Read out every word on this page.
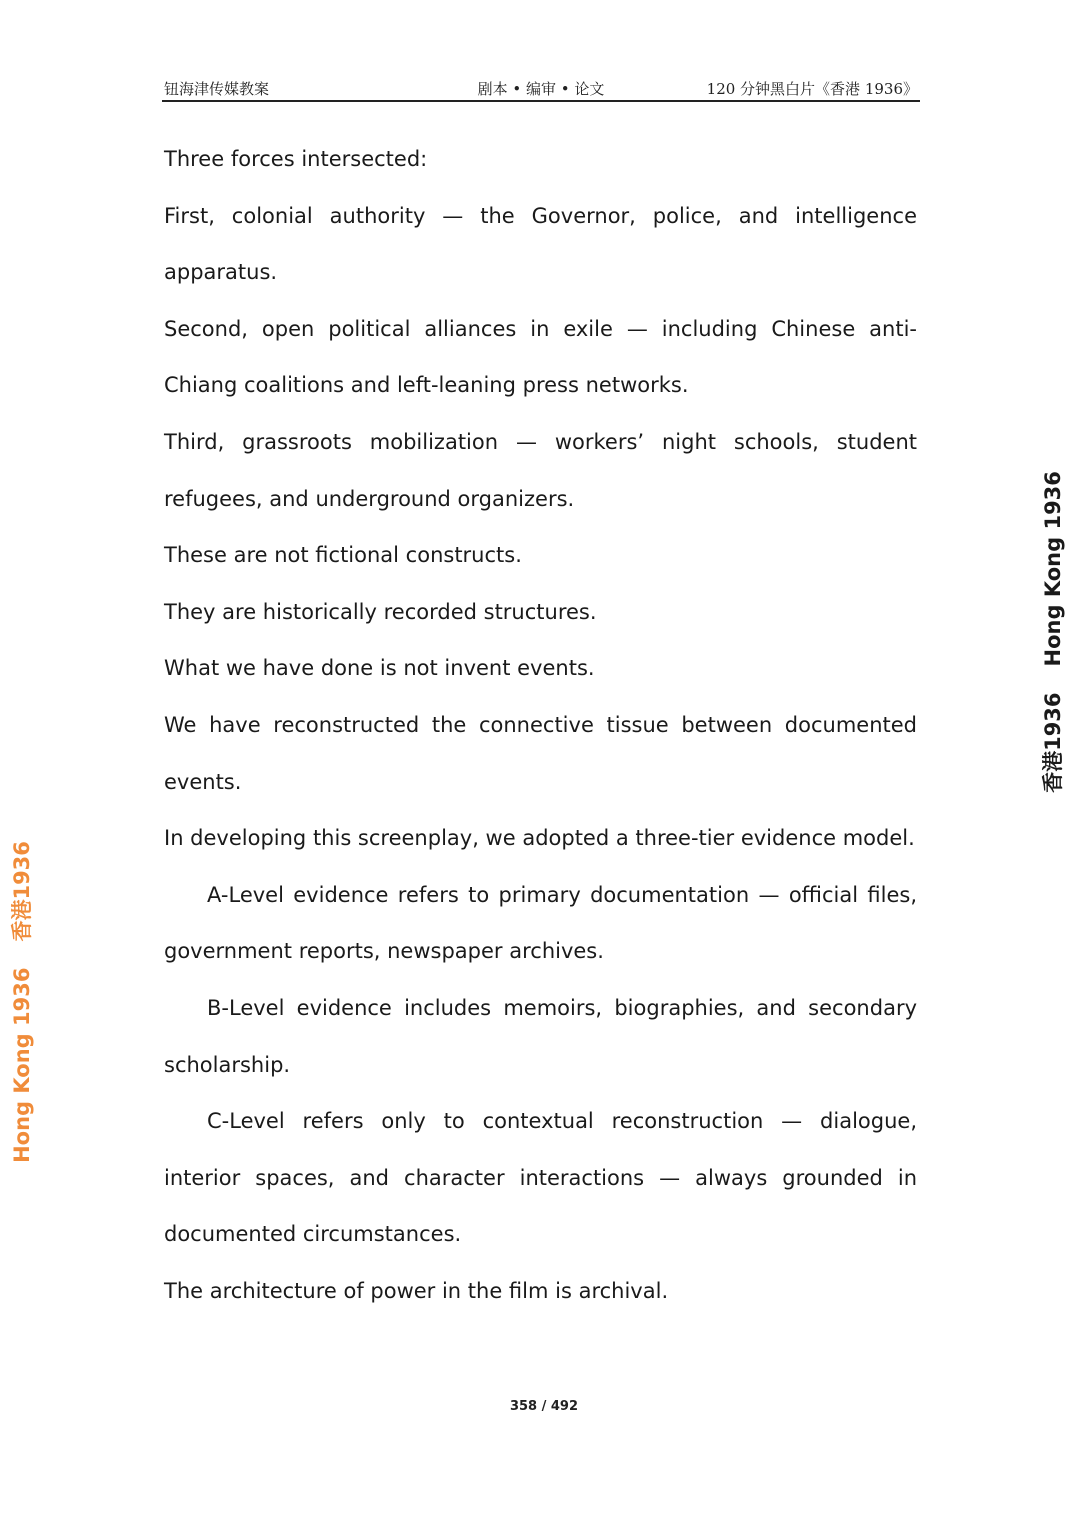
钮海津传媒教案	剧本 • 编审 • 论文	120 分钟黑白片《香港 1936》

Three forces intersected:

First, colonial authority — the Governor, police, and intelligence apparatus.

Second, open political alliances in exile — including Chinese anti-Chiang coalitions and left-leaning press networks.

Third, grassroots mobilization — workers’ night schools, student refugees, and underground organizers.

These are not fictional constructs.

They are historically recorded structures.

What we have done is not invent events.

We have reconstructed the connective tissue between documented events.

In developing this screenplay, we adopted a three-tier evidence model.

A-Level evidence refers to primary documentation — official files, government reports, newspaper archives.

B-Level evidence includes memoirs, biographies, and secondary scholarship.

C-Level refers only to contextual reconstruction — dialogue, interior spaces, and character interactions — always grounded in documented circumstances.

The architecture of power in the film is archival.

香港1936Hong Kong 1936
Hong Kong 1936香港1936
358 / 492
